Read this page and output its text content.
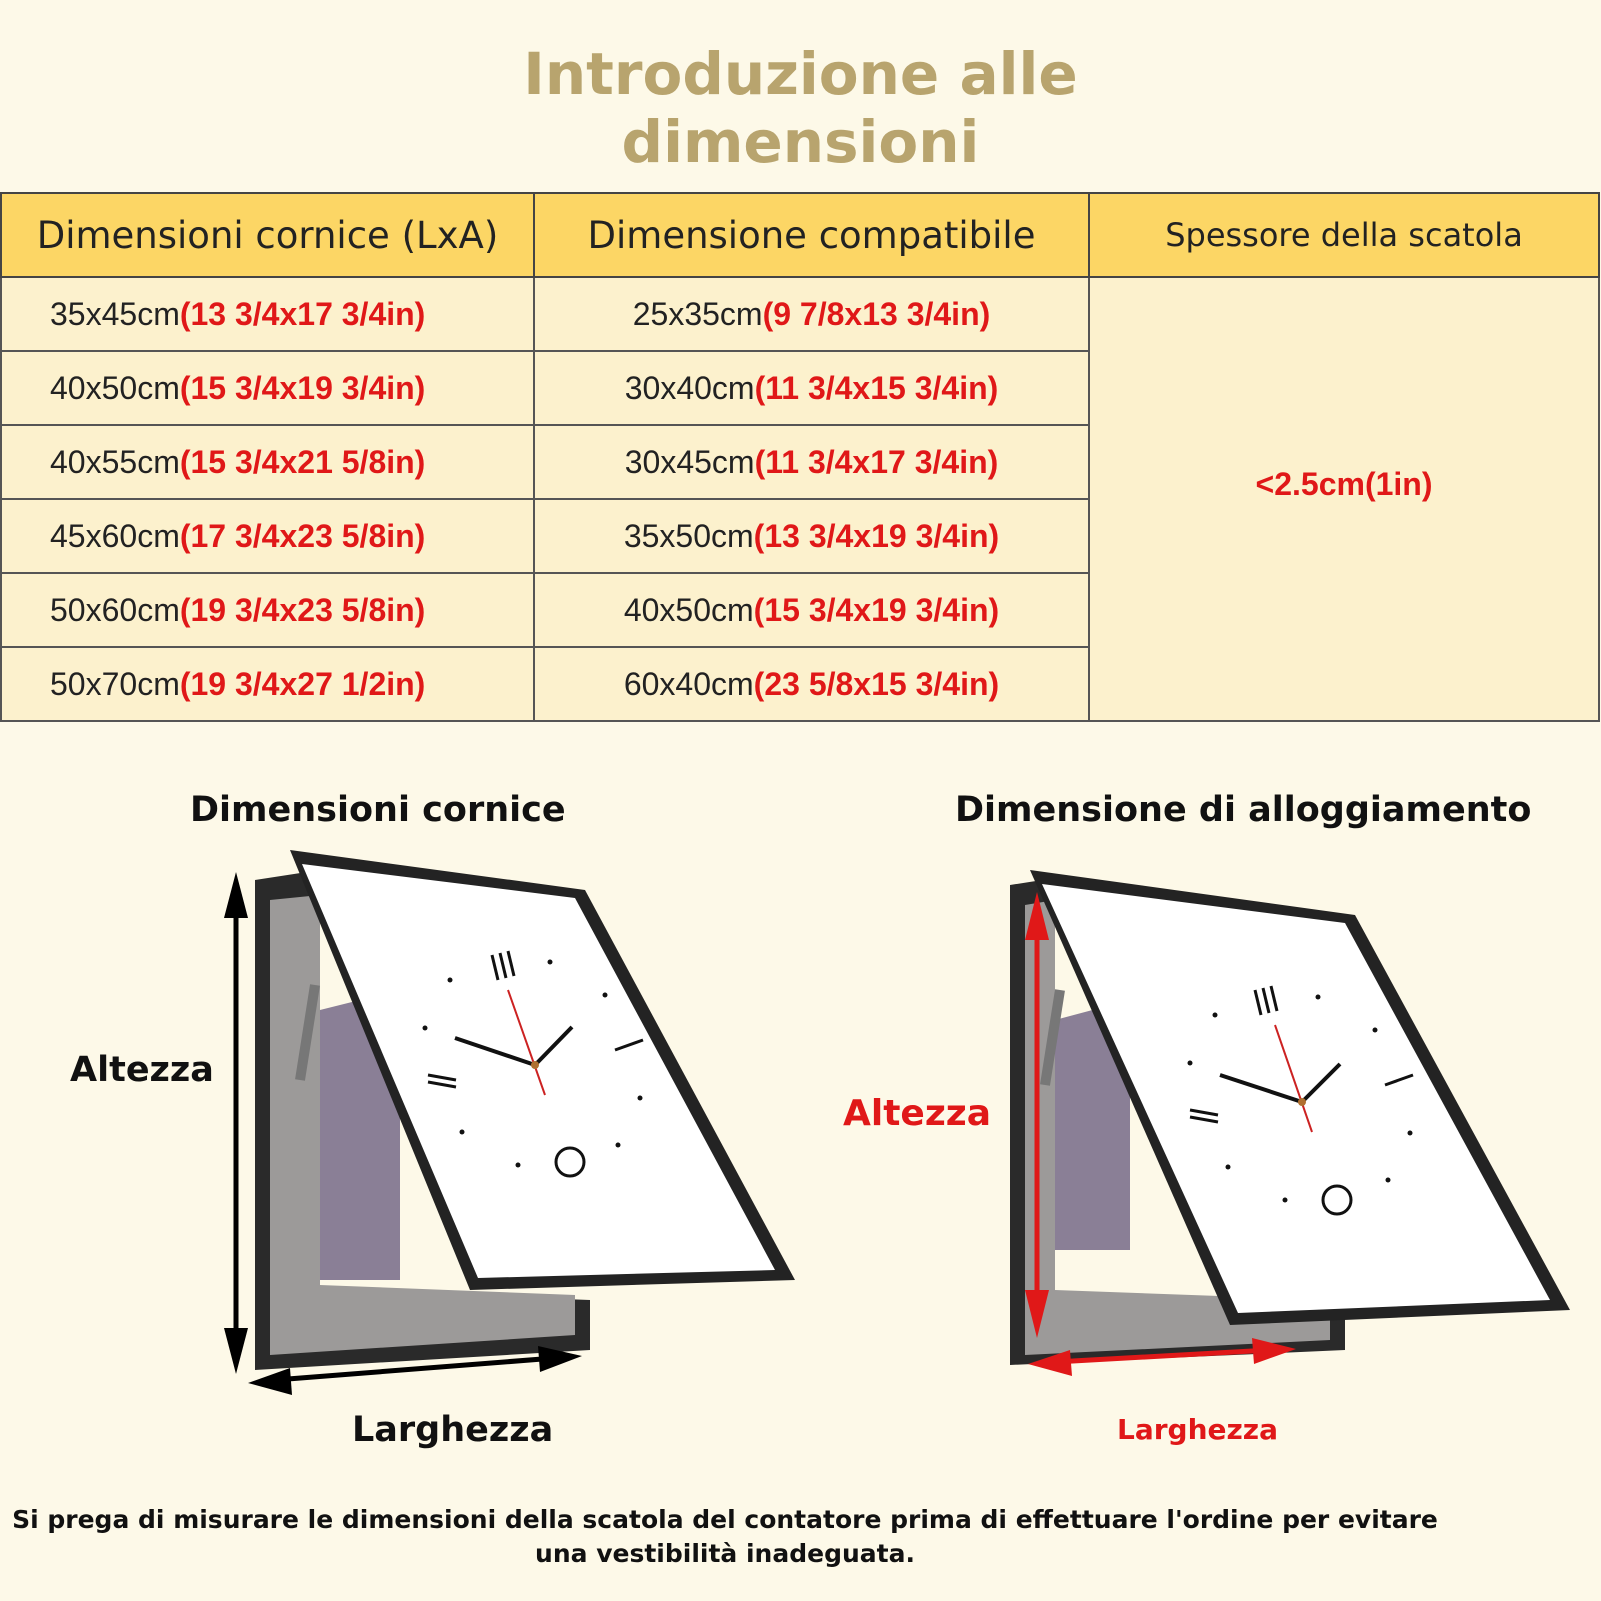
Introduzione alle
dimensioni
Dimensioni cornice (LxA)	Dimensione compatibile	Spessore della scatola
35x45cm(13 3/4x17 3/4in)	25x35cm(9 7/8x13 3/4in)	<2.5cm(1in)
40x50cm(15 3/4x19 3/4in)	30x40cm(11 3/4x15 3/4in)	
40x55cm(15 3/4x21 5/8in)	30x45cm(11 3/4x17 3/4in)	
45x60cm(17 3/4x23 5/8in)	35x50cm(13 3/4x19 3/4in)	
50x60cm(19 3/4x23 5/8in)	40x50cm(15 3/4x19 3/4in)	
50x70cm(19 3/4x27 1/2in)	60x40cm(23 5/8x15 3/4in)	
Dimensioni cornice	Dimensione di alloggiamento
Altezza
Larghezza
Altezza
Larghezza
Si prega di misurare le dimensioni della scatola del contatore prima di effettuare l'ordine per evitare una vestibilità inadeguata.
